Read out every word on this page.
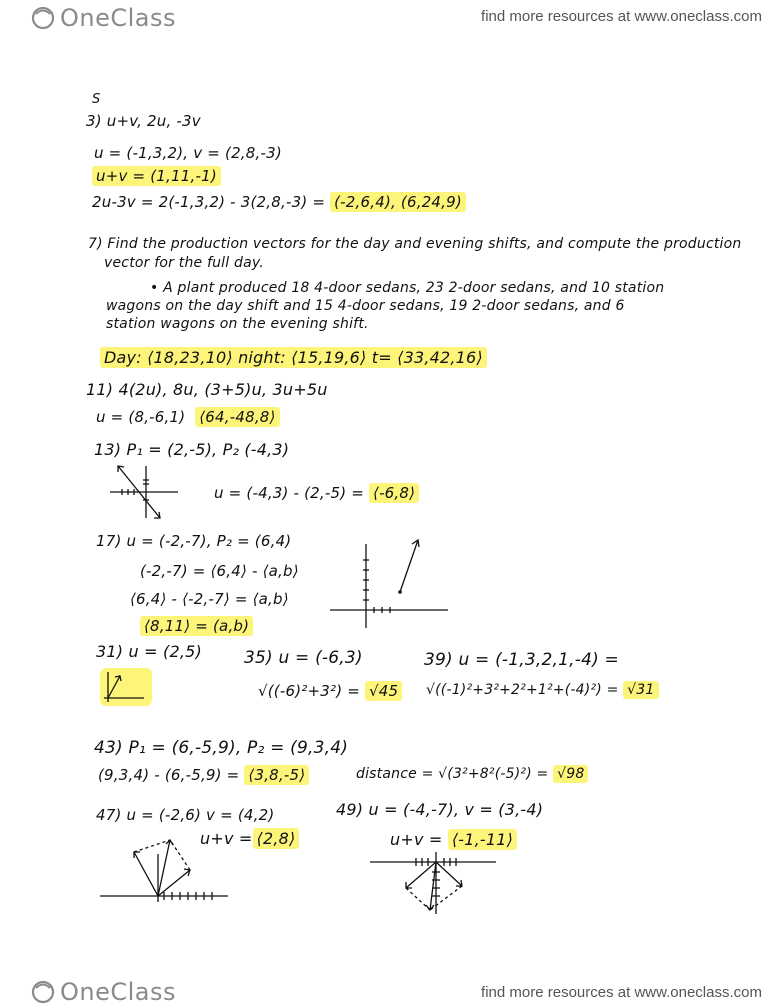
OneClass	find more resources at www.oneclass.com
S
3) u+v, 2u, -3v
u = (-1,3,2), v = (2,8,-3)
u+v = (1,11,-1)
2u-3v = 2(-1,3,2) - 3(2,8,-3) = (-2,6,4), (6,24,9)
7) Find the production vectors for the day and evening shifts, and compute the production
vector for the full day.
• A plant produced 18 4-door sedans, 23 2-door sedans, and 10 station
wagons on the day shift and 15 4-door sedans, 19 2-door sedans, and 6
station wagons on the evening shift.
Day: ⟨18,23,10⟩ night: ⟨15,19,6⟩ t= ⟨33,42,16⟩
11) 4(2u), 8u, (3+5)u, 3u+5u
u = (8,-6,1) ⟨64,-48,8⟩
13) P₁ = (2,-5), P₂ (-4,3)
u = (-4,3) - (2,-5) = ⟨-6,8⟩
17) u = (-2,-7), P₂ = (6,4)
(-2,-7) = ⟨6,4⟩ - ⟨a,b⟩
⟨6,4⟩ - ⟨-2,-7⟩ = ⟨a,b⟩
⟨8,11⟩ = (a,b)
31) u = (2,5) 35) u = (-6,3)
√((-6)²+3²) = √45
39) u = (-1,3,2,1,-4) =
√((-1)²+3²+2²+1²+(-4)²) = √31
43) P₁ = (6,-5,9), P₂ = (9,3,4)
(9,3,4) - (6,-5,9) = ⟨3,8,-5⟩	distance = √(3²+8²(-5)²) = √98
47) u = (-2,6) v = (4,2)
u+v = ⟨2,8⟩
49) u = (-4,-7), v = (3,-4)
u+v = ⟨-1,-11⟩
OneClass	find more resources at www.oneclass.com
